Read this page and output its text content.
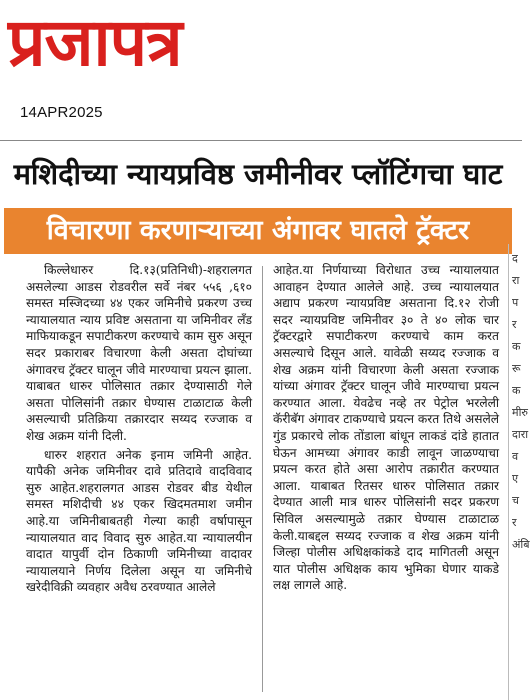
प्रजापत्र
14APR2025
मशिदीच्या न्यायप्रविष्ठ जमीनीवर प्लॉटिंगचा घाट
विचारणा करणाऱ्याच्या अंगावर घातले ट्रॅक्टर

किल्लेधारुर दि.१३(प्रतिनिधी)-शहरालगत असलेल्या आडस रोडवरील सर्वे नंबर ५५६ ,६१० समस्त मस्जिदच्या ४४ एकर जमिनीचे प्रकरण उच्च न्यायालयात न्याय प्रविष्ट असताना या जमिनीवर लँड माफियाकडून सपाटीकरण करण्याचे काम सुरु असून सदर प्रकाराबर विचारणा केली असता दोघांच्या अंगावरच ट्रॅक्टर घालून जीवे मारण्याचा प्रयत्न झाला. याबाबत धारुर पोलिसात तक्रार देण्यासाठी गेले असता पोलिसांनी तक्रार घेण्यास टाळाटाळ केली असल्याची प्रतिक्रिया तक्रारदार सय्यद रज्जाक व शेख अक्रम यांनी दिली.

धारुर शहरात अनेक इनाम जमिनी आहेत. यापैकी अनेक जमिनीवर दावे प्रतिदावे वादविवाद सुरु आहेत.शहरालगत आडस रोडवर बीड येथील समस्त मशिदीची ४४ एकर खिदमतमाश जमीन आहे.या जमिनीबाबतही गेल्या काही वर्षापासून न्यायालयात वाद विवाद सुरु आहेत.या न्यायालयीन वादात यापुर्वी दोन ठिकाणी जमिनीच्या वादावर न्यायालयाने निर्णय दिलेला असून या जमिनीचे खरेदीविक्री व्यवहार अवैध ठरवण्यात आलेले

आहेत.या निर्णयाच्या विरोधात उच्च न्यायालयात आवाहन देण्यात आलेले आहे. उच्च न्यायालयात अद्याप प्रकरण न्यायप्रविष्ट असताना दि.१२ रोजी सदर न्यायप्रविष्ट जमिनीवर ३० ते ४० लोक चार ट्रॅक्टरद्वारे सपाटीकरण करण्याचे काम करत असल्याचे दिसून आले. यावेळी सय्यद रज्जाक व शेख अक्रम यांनी विचारणा केली असता रज्जाक यांच्या अंगावर ट्रॅक्टर घालून जीवे मारण्याचा प्रयत्न करण्यात आला. येवढेच नव्हे तर पेट्रोल भरलेली कॅरीबॅग अंगावर टाकण्याचे प्रयत्न करत तिथे असलेले गुंड प्रकारचे लोक तोंडाला बांधून लाकडं दांडे हातात घेऊन आमच्या अंगावर काडी लावून जाळण्याचा प्रयत्न करत होते असा आरोप तक्रारीत करण्यात आला. याबाबत रितसर धारुर पोलिसात तक्रार देण्यात आली मात्र धारुर पोलिसांनी सदर प्रकरण सिविल असल्यामुळे तक्रार घेण्यास टाळाटाळ केली.याबद्दल सय्यद रज्जाक व शेख अक्रम यांनी जिल्हा पोलीस अधिक्षकांकडे दाद मागितली असून यात पोलीस अधिक्षक काय भुमिका घेणार याकडे लक्ष लागले आहे.

दरा पर करू कमीरु दाराव एचरअंबि
